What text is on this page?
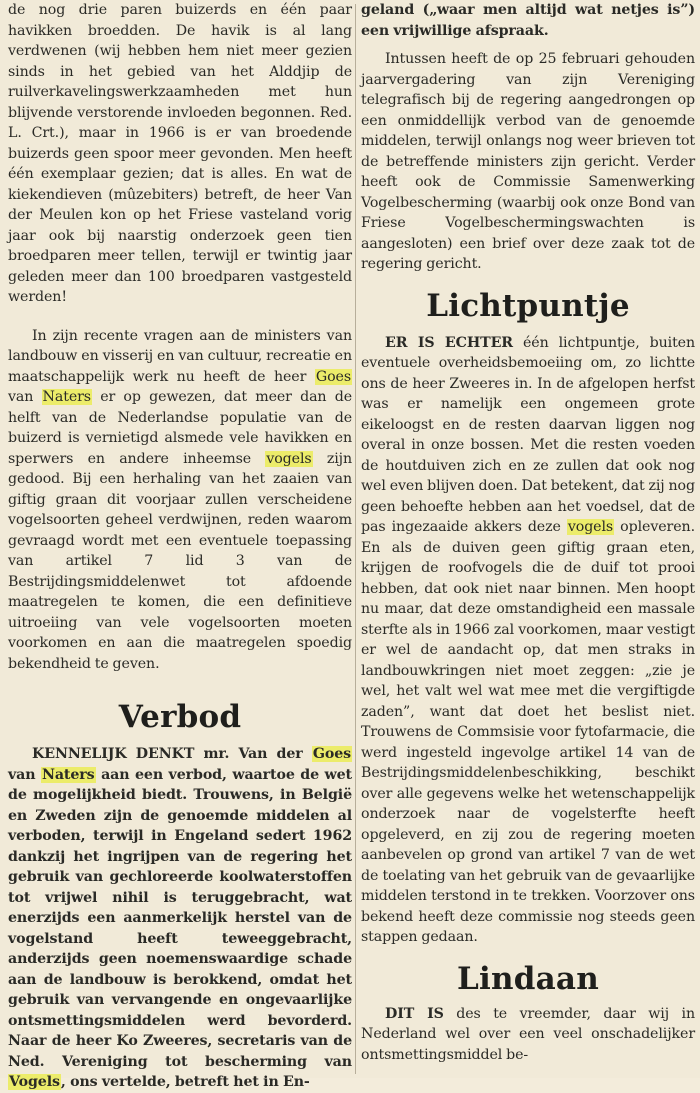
de nog drie paren buizerds en één paar havikken broedden. De havik is al lang verdwenen (wij hebben hem niet meer gezien sinds in het gebied van het Alddjip de ruilverkavelingswerkzaamheden met hun blijvende verstorende invloeden begonnen. Red. L. Crt.), maar in 1966 is er van broedende buizerds geen spoor meer gevonden. Men heeft één exemplaar gezien; dat is alles. En wat de kiekendieven (mûzebiters) betreft, de heer Van der Meulen kon op het Friese vasteland vorig jaar ook bij naarstig onderzoek geen tien broedparen meer tellen, terwijl er twintig jaar geleden meer dan 100 broedparen vastgesteld werden!

In zijn recente vragen aan de ministers van landbouw en visserij en van cultuur, recreatie en maatschappelijk werk nu heeft de heer Goes van Naters er op gewezen, dat meer dan de helft van de Nederlandse populatie van de buizerd is vernietigd alsmede vele havikken en sperwers en andere inheemse vogels zijn gedood. Bij een herhaling van het zaaien van giftig graan dit voorjaar zullen verscheidene vogelsoorten geheel verdwijnen, reden waarom gevraagd wordt met een eventuele toepassing van artikel 7 lid 3 van de Bestrijdingsmiddelenwet tot afdoende maatregelen te komen, die een definitieve uitroeiing van vele vogelsoorten moeten voorkomen en aan die maatregelen spoedig bekendheid te geven.

Verbod

KENNELIJK DENKT mr. Van der Goes van Naters aan een verbod, waartoe de wet de mogelijkheid biedt. Trouwens, in België en Zweden zijn de genoemde middelen al verboden, terwijl in Engeland sedert 1962 dankzij het ingrijpen van de regering het gebruik van gechloreerde koolwaterstoffen tot vrijwel nihil is teruggebracht, wat enerzijds een aanmerkelijk herstel van de vogelstand heeft teweeggebracht, anderzijds geen noemenswaardige schade aan de landbouw is berokkend, omdat het gebruik van vervangende en ongevaarlijke ontsmettingsmiddelen werd bevorderd. Naar de heer Ko Zweeres, secretaris van de Ned. Vereniging tot bescherming van Vogels, ons vertelde, betreft het in En-

geland („waar men altijd wat netjes is”) een vrijwillige afspraak.

Intussen heeft de op 25 februari gehouden jaarvergadering van zijn Vereniging telegrafisch bij de regering aangedrongen op een onmiddellijk verbod van de genoemde middelen, terwijl onlangs nog weer brieven tot de betreffende ministers zijn gericht. Verder heeft ook de Commissie Samenwerking Vogelbescherming (waarbij ook onze Bond van Friese Vogelbeschermingswachten is aangesloten) een brief over deze zaak tot de regering gericht.

Lichtpuntje

ER IS ECHTER één lichtpuntje, buiten eventuele overheidsbemoeiing om, zo lichtte ons de heer Zweeres in. In de afgelopen herfst was er namelijk een ongemeen grote eikeloogst en de resten daarvan liggen nog overal in onze bossen. Met die resten voeden de houtduiven zich en ze zullen dat ook nog wel even blijven doen. Dat betekent, dat zij nog geen behoefte hebben aan het voedsel, dat de pas ingezaaide akkers deze vogels opleveren. En als de duiven geen giftig graan eten, krijgen de roofvogels die de duif tot prooi hebben, dat ook niet naar binnen. Men hoopt nu maar, dat deze omstandigheid een massale sterfte als in 1966 zal voorkomen, maar vestigt er wel de aandacht op, dat men straks in landbouwkringen niet moet zeggen: „zie je wel, het valt wel wat mee met die vergiftigde zaden”, want dat doet het beslist niet. Trouwens de Commsisie voor fytofarmacie, die werd ingesteld ingevolge artikel 14 van de Bestrijdingsmiddelenbeschikking, beschikt over alle gegevens welke het wetenschappelijk onderzoek naar de vogelsterfte heeft opgeleverd, en zij zou de regering moeten aanbevelen op grond van artikel 7 van de wet de toelating van het gebruik van de gevaarlijke middelen terstond in te trekken. Voorzover ons bekend heeft deze commissie nog steeds geen stappen gedaan.

Lindaan

DIT IS des te vreemder, daar wij in Nederland wel over een veel onschadelijker ontsmettingsmiddel be-
